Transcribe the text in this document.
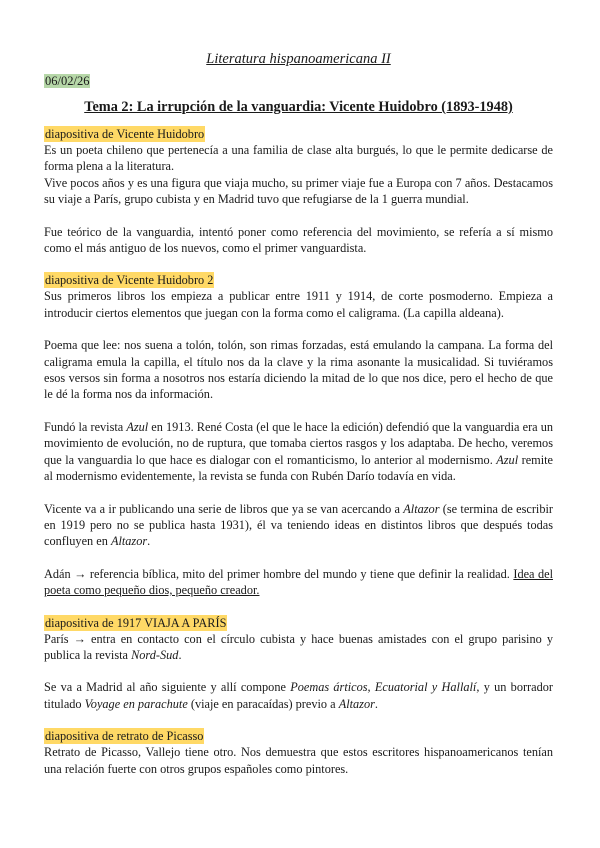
Literatura hispanoamericana II
06/02/26
Tema 2: La irrupción de la vanguardia: Vicente Huidobro (1893-1948)
diapositiva de Vicente Huidobro

Es un poeta chileno que pertenecía a una familia de clase alta burgués, lo que le permite dedicarse de forma plena a la literatura.

Vive pocos años y es una figura que viaja mucho, su primer viaje fue a Europa con 7 años. Destacamos su viaje a París, grupo cubista y en Madrid tuvo que refugiarse de la 1 guerra mundial.

Fue teórico de la vanguardia, intentó poner como referencia del movimiento, se refería a sí mismo como el más antiguo de los nuevos, como el primer vanguardista.

diapositiva de Vicente Huidobro 2

Sus primeros libros los empieza a publicar entre 1911 y 1914, de corte posmoderno. Empieza a introducir ciertos elementos que juegan con la forma como el caligrama. (La capilla aldeana).

Poema que lee: nos suena a tolón, tolón, son rimas forzadas, está emulando la campana. La forma del caligrama emula la capilla, el título nos da la clave y la rima asonante la musicalidad. Si tuviéramos esos versos sin forma a nosotros nos estaría diciendo la mitad de lo que nos dice, pero el hecho de que le dé la forma nos da información.

Fundó la revista Azul en 1913. René Costa (el que le hace la edición) defendió que la vanguardia era un movimiento de evolución, no de ruptura, que tomaba ciertos rasgos y los adaptaba. De hecho, veremos que la vanguardia lo que hace es dialogar con el romanticismo, lo anterior al modernismo. Azul remite al modernismo evidentemente, la revista se funda con Rubén Darío todavía en vida.

Vicente va a ir publicando una serie de libros que ya se van acercando a Altazor (se termina de escribir en 1919 pero no se publica hasta 1931), él va teniendo ideas en distintos libros que después todas confluyen en Altazor.

Adán → referencia bíblica, mito del primer hombre del mundo y tiene que definir la realidad. Idea del poeta como pequeño dios, pequeño creador.

diapositiva de 1917 VIAJA A PARÍS

París → entra en contacto con el círculo cubista y hace buenas amistades con el grupo parisino y publica la revista Nord-Sud.

Se va a Madrid al año siguiente y allí compone Poemas árticos, Ecuatorial y Hallalí, y un borrador titulado Voyage en parachute (viaje en paracaídas) previo a Altazor.

diapositiva de retrato de Picasso

Retrato de Picasso, Vallejo tiene otro. Nos demuestra que estos escritores hispanoamericanos tenían una relación fuerte con otros grupos españoles como pintores.
